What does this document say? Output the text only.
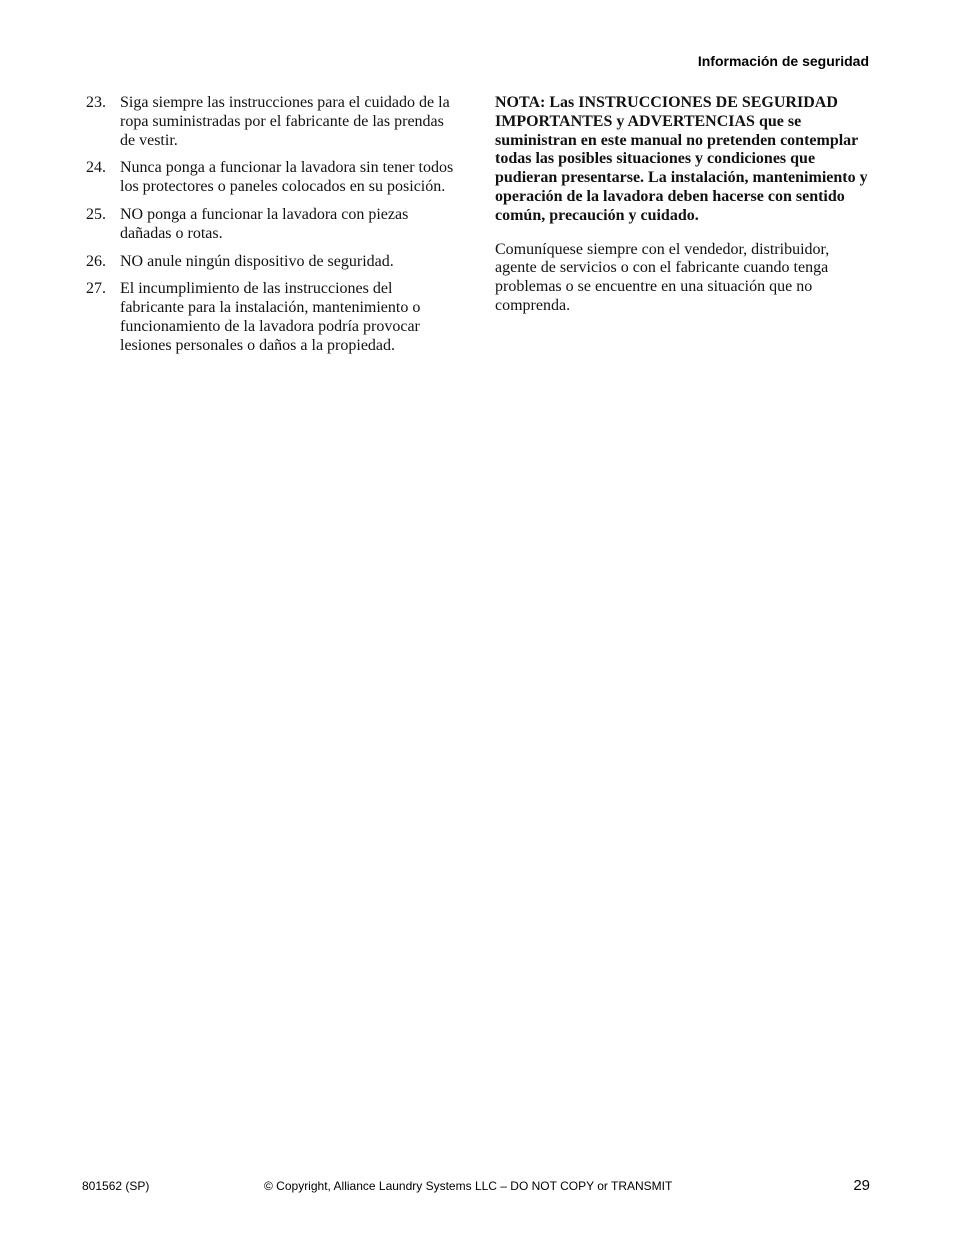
Información de seguridad
23. Siga siempre las instrucciones para el cuidado de la ropa suministradas por el fabricante de las prendas de vestir.
24. Nunca ponga a funcionar la lavadora sin tener todos los protectores o paneles colocados en su posición.
25. NO ponga a funcionar la lavadora con piezas dañadas o rotas.
26. NO anule ningún dispositivo de seguridad.
27. El incumplimiento de las instrucciones del fabricante para la instalación, mantenimiento o funcionamiento de la lavadora podría provocar lesiones personales o daños a la propiedad.

NOTA: Las INSTRUCCIONES DE SEGURIDAD IMPORTANTES y ADVERTENCIAS que se suministran en este manual no pretenden contemplar todas las posibles situaciones y condiciones que pudieran presentarse. La instalación, mantenimiento y operación de la lavadora deben hacerse con sentido común, precaución y cuidado.

Comuníquese siempre con el vendedor, distribuidor, agente de servicios o con el fabricante cuando tenga problemas o se encuentre en una situación que no comprenda.

801562 (SP)	© Copyright, Alliance Laundry Systems LLC – DO NOT COPY or TRANSMIT	29
